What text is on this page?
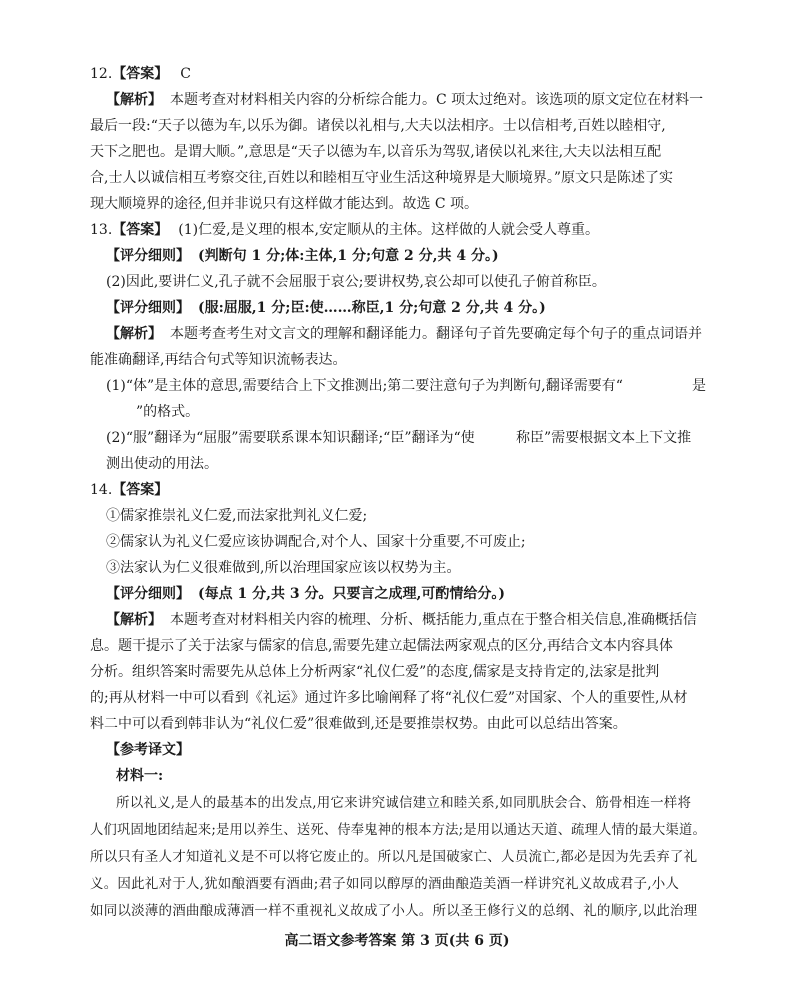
12.【答案】 C
【解析】 本题考查对材料相关内容的分析综合能力。C 项太过绝对。该选项的原文定位在材料一
最后一段:“天子以德为车,以乐为御。诸侯以礼相与,大夫以法相序。士以信相考,百姓以睦相守,
天下之肥也。是谓大顺。”,意思是“天子以德为车,以音乐为驾驭,诸侯以礼来往,大夫以法相互配
合,士人以诚信相互考察交往,百姓以和睦相互守业生活这种境界是大顺境界。”原文只是陈述了实
现大顺境界的途径,但并非说只有这样做才能达到。故选 C 项。
13.【答案】 (1)仁爱,是义理的根本,安定顺从的主体。这样做的人就会受人尊重。
【评分细则】 (判断句 1 分;体:主体,1 分;句意 2 分,共 4 分。)
(2)因此,要讲仁义,孔子就不会屈服于哀公;要讲权势,哀公却可以使孔子俯首称臣。
【评分细则】 (服:屈服,1 分;臣:使……称臣,1 分;句意 2 分,共 4 分。)
【解析】 本题考查考生对文言文的理解和翻译能力。翻译句子首先要确定每个句子的重点词语并
能准确翻译,再结合句式等知识流畅表达。
(1)“体”是主体的意思,需要结合上下文推测出;第二要注意句子为判断句,翻译需要有“	是
”的格式。
(2)“服”翻译为“屈服”需要联系课本知识翻译;“臣”翻译为“使	称臣”需要根据文本上下文推
测出使动的用法。
14.【答案】
①儒家推崇礼义仁爱,而法家批判礼义仁爱;
②儒家认为礼义仁爱应该协调配合,对个人、国家十分重要,不可废止;
③法家认为仁义很难做到,所以治理国家应该以权势为主。
【评分细则】 (每点 1 分,共 3 分。只要言之成理,可酌情给分。)
【解析】 本题考查对材料相关内容的梳理、分析、概括能力,重点在于整合相关信息,准确概括信
息。题干提示了关于法家与儒家的信息,需要先建立起儒法两家观点的区分,再结合文本内容具体
分析。组织答案时需要先从总体上分析两家“礼仪仁爱”的态度,儒家是支持肯定的,法家是批判
的;再从材料一中可以看到《礼运》通过许多比喻阐释了将“礼仪仁爱”对国家、个人的重要性,从材
料二中可以看到韩非认为“礼仪仁爱”很难做到,还是要推崇权势。由此可以总结出答案。
【参考译文】
材料一:
所以礼义,是人的最基本的出发点,用它来讲究诚信建立和睦关系,如同肌肤会合、筋骨相连一样将
人们巩固地团结起来;是用以养生、送死、侍奉鬼神的根本方法;是用以通达天道、疏理人情的最大渠道。
所以只有圣人才知道礼义是不可以将它废止的。所以凡是国破家亡、人员流亡,都必是因为先丢弃了礼
义。因此礼对于人,犹如酿酒要有酒曲;君子如同以醇厚的酒曲酿造美酒一样讲究礼义故成君子,小人
如同以淡薄的酒曲酿成薄酒一样不重视礼义故成了小人。所以圣王修行义的总纲、礼的顺序,以此治理
高二语文参考答案 第 3 页(共 6 页)
